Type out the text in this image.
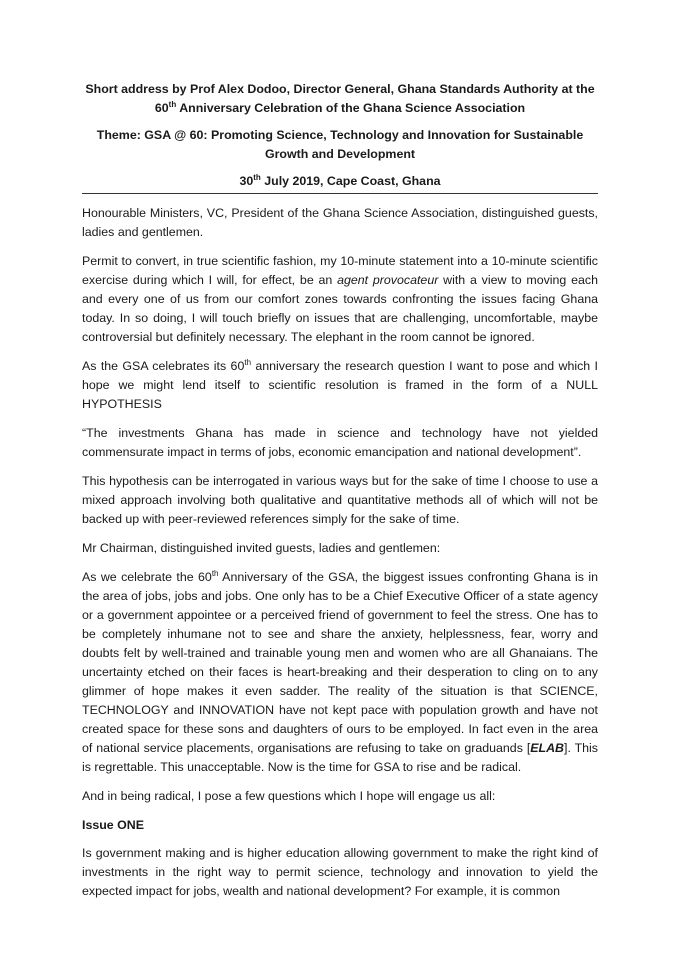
Short address by Prof Alex Dodoo, Director General, Ghana Standards Authority at the
60th Anniversary Celebration of the Ghana Science Association

Theme: GSA @ 60: Promoting Science, Technology and Innovation for Sustainable
Growth and Development

30th July 2019, Cape Coast, Ghana

Honourable Ministers, VC, President of the Ghana Science Association, distinguished guests, ladies and gentlemen.

Permit to convert, in true scientific fashion, my 10-minute statement into a 10-minute scientific exercise during which I will, for effect, be an agent provocateur with a view to moving each and every one of us from our comfort zones towards confronting the issues facing Ghana today. In so doing, I will touch briefly on issues that are challenging, uncomfortable, maybe controversial but definitely necessary. The elephant in the room cannot be ignored.

As the GSA celebrates its 60th anniversary the research question I want to pose and which I hope we might lend itself to scientific resolution is framed in the form of a NULL HYPOTHESIS

“The investments Ghana has made in science and technology have not yielded commensurate impact in terms of jobs, economic emancipation and national development”.

This hypothesis can be interrogated in various ways but for the sake of time I choose to use a mixed approach involving both qualitative and quantitative methods all of which will not be backed up with peer-reviewed references simply for the sake of time.

Mr Chairman, distinguished invited guests, ladies and gentlemen:

As we celebrate the 60th Anniversary of the GSA, the biggest issues confronting Ghana is in the area of jobs, jobs and jobs. One only has to be a Chief Executive Officer of a state agency or a government appointee or a perceived friend of government to feel the stress. One has to be completely inhumane not to see and share the anxiety, helplessness, fear, worry and doubts felt by well-trained and trainable young men and women who are all Ghanaians. The uncertainty etched on their faces is heart-breaking and their desperation to cling on to any glimmer of hope makes it even sadder. The reality of the situation is that SCIENCE, TECHNOLOGY and INNOVATION have not kept pace with population growth and have not created space for these sons and daughters of ours to be employed. In fact even in the area of national service placements, organisations are refusing to take on graduands [ELAB]. This is regrettable. This unacceptable. Now is the time for GSA to rise and be radical.

And in being radical, I pose a few questions which I hope will engage us all:

Issue ONE

Is government making and is higher education allowing government to make the right kind of investments in the right way to permit science, technology and innovation to yield the expected impact for jobs, wealth and national development? For example, it is common
